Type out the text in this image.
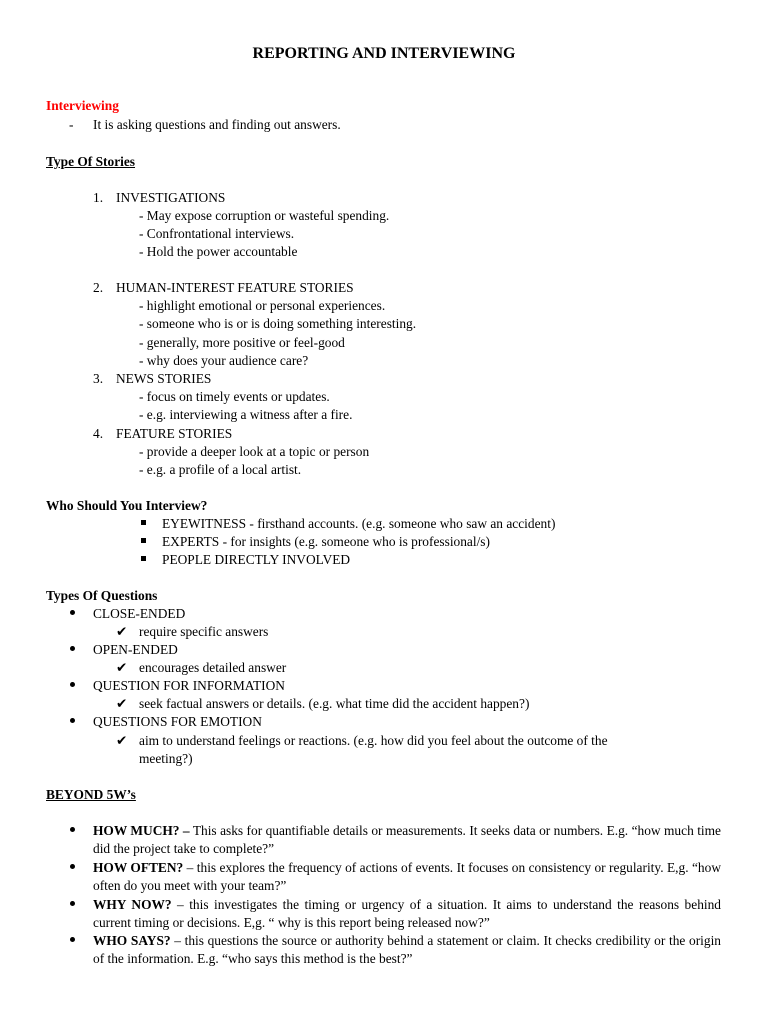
REPORTING AND INTERVIEWING
Interviewing
- It is asking questions and finding out answers.
Type Of Stories
1. INVESTIGATIONS
- May expose corruption or wasteful spending.
- Confrontational interviews.
- Hold the power accountable
2. HUMAN-INTEREST FEATURE STORIES
- highlight emotional or personal experiences.
- someone who is or is doing something interesting.
- generally, more positive or feel-good
- why does your audience care?
3. NEWS STORIES
- focus on timely events or updates.
- e.g. interviewing a witness after a fire.
4. FEATURE STORIES
- provide a deeper look at a topic or person
- e.g. a profile of a local artist.
Who Should You Interview?
EYEWITNESS - firsthand accounts. (e.g. someone who saw an accident)
EXPERTS - for insights (e.g. someone who is professional/s)
PEOPLE DIRECTLY INVOLVED
Types Of Questions
CLOSE-ENDED
✔ require specific answers
OPEN-ENDED
✔ encourages detailed answer
QUESTION FOR INFORMATION
✔ seek factual answers or details. (e.g. what time did the accident happen?)
QUESTIONS FOR EMOTION
✔ aim to understand feelings or reactions. (e.g. how did you feel about the outcome of the
meeting?)
BEYOND 5W’s
HOW MUCH? – This asks for quantifiable details or measurements. It seeks data or numbers. E.g. “how much time did the project take to complete?”
HOW OFTEN? – this explores the frequency of actions of events. It focuses on consistency or regularity. E,g. “how often do you meet with your team?”
WHY NOW? – this investigates the timing or urgency of a situation. It aims to understand the reasons behind current timing or decisions. E,g. “ why is this report being released now?”
WHO SAYS? – this questions the source or authority behind a statement or claim. It checks credibility or the origin of the information. E.g. “who says this method is the best?”
